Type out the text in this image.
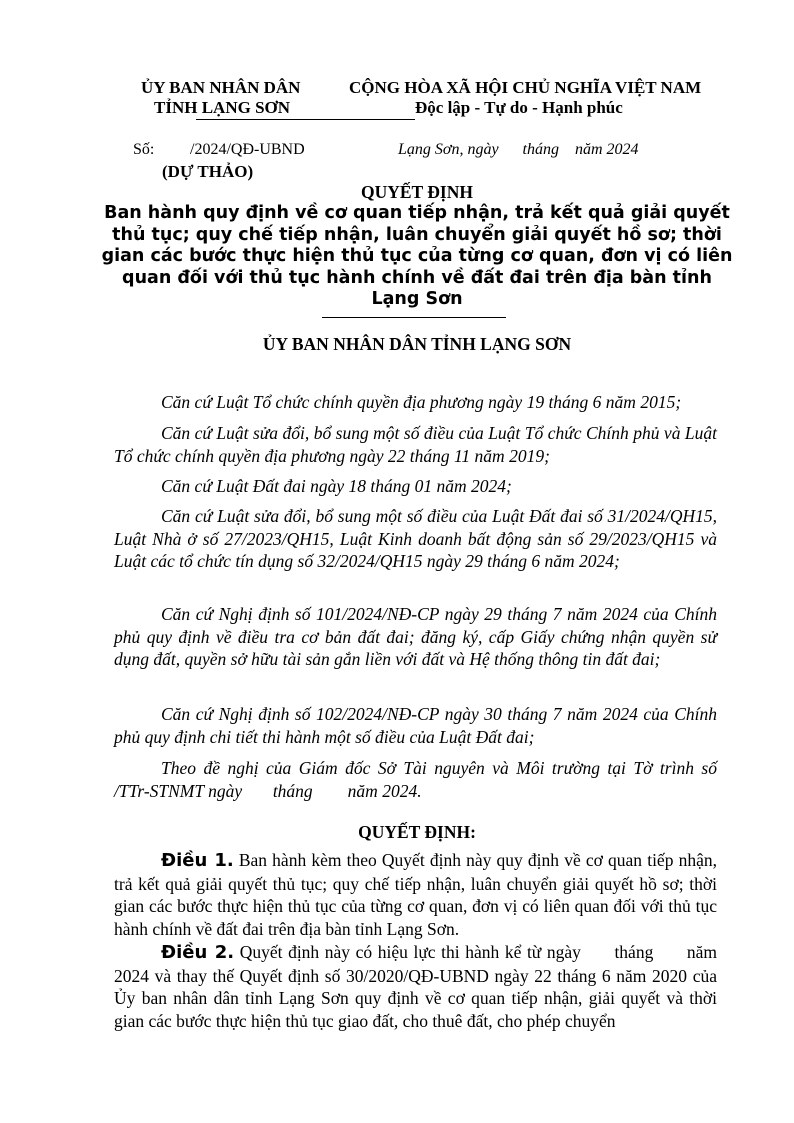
ỦY BAN NHÂN DÂN
TỈNH LẠNG SƠN
CỘNG HÒA XÃ HỘI CHỦ NGHĨA VIỆT NAM
Độc lập - Tự do - Hạnh phúc
Số: /2024/QĐ-UBND	Lạng Sơn, ngày      tháng    năm 2024
(DỰ THẢO)
QUYẾT ĐỊNH
Ban hành quy định về cơ quan tiếp nhận, trả kết quả giải quyết thủ tục; quy chế tiếp nhận, luân chuyển giải quyết hồ sơ; thời gian các bước thực hiện thủ tục của từng cơ quan, đơn vị có liên quan đối với thủ tục hành chính về đất đai trên địa bàn tỉnh Lạng Sơn
ỦY BAN NHÂN DÂN TỈNH LẠNG SƠN
Căn cứ Luật Tổ chức chính quyền địa phương ngày 19 tháng 6 năm 2015;
Căn cứ Luật sửa đổi, bổ sung một số điều của Luật Tổ chức Chính phủ và Luật Tổ chức chính quyền địa phương ngày 22 tháng 11 năm 2019;
Căn cứ Luật Đất đai ngày 18 tháng 01 năm 2024;
Căn cứ Luật sửa đổi, bổ sung một số điều của Luật Đất đai số 31/2024/QH15, Luật Nhà ở số 27/2023/QH15, Luật Kinh doanh bất động sản số 29/2023/QH15 và Luật các tổ chức tín dụng số 32/2024/QH15 ngày 29 tháng 6 năm 2024;
Căn cứ Nghị định số 101/2024/NĐ-CP ngày 29 tháng 7 năm 2024 của Chính phủ quy định về điều tra cơ bản đất đai; đăng ký, cấp Giấy chứng nhận quyền sử dụng đất, quyền sở hữu tài sản gắn liền với đất và Hệ thống thông tin đất đai;
Căn cứ Nghị định số 102/2024/NĐ-CP ngày 30 tháng 7 năm 2024 của Chính phủ quy định chi tiết thi hành một số điều của Luật Đất đai;
Theo đề nghị của Giám đốc Sở Tài nguyên và Môi trường tại Tờ trình số      /TTr-STNMT ngày       tháng        năm 2024.
QUYẾT ĐỊNH:
Điều 1. Ban hành kèm theo Quyết định này quy định về cơ quan tiếp nhận, trả kết quả giải quyết thủ tục; quy chế tiếp nhận, luân chuyển giải quyết hồ sơ; thời gian các bước thực hiện thủ tục của từng cơ quan, đơn vị có liên quan đối với thủ tục hành chính về đất đai trên địa bàn tỉnh Lạng Sơn.
Điều 2. Quyết định này có hiệu lực thi hành kể từ ngày      tháng      năm 2024 và thay thế Quyết định số 30/2020/QĐ-UBND ngày 22 tháng 6 năm 2020 của Ủy ban nhân dân tỉnh Lạng Sơn quy định về cơ quan tiếp nhận, giải quyết và thời gian các bước thực hiện thủ tục giao đất, cho thuê đất, cho phép chuyển
